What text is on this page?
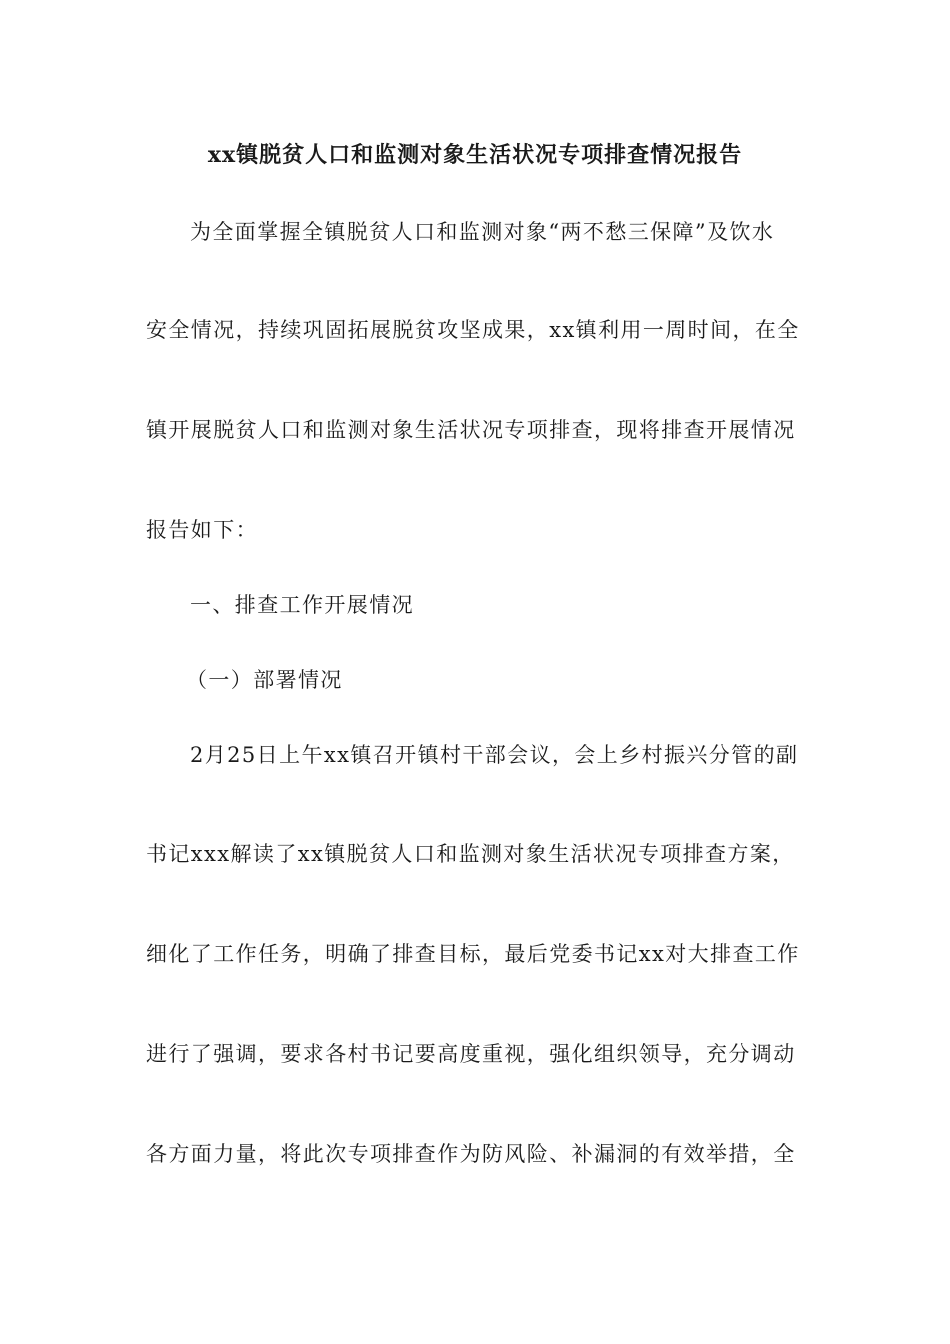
xx镇脱贫人口和监测对象生活状况专项排查情况报告
为全面掌握全镇脱贫人口和监测对象“两不愁三保障”及饮水
安全情况，持续巩固拓展脱贫攻坚成果，xx镇利用一周时间，在全
镇开展脱贫人口和监测对象生活状况专项排查，现将排查开展情况
报告如下：
一、排查工作开展情况
（一）部署情况
2月25日上午xx镇召开镇村干部会议，会上乡村振兴分管的副
书记xxx解读了xx镇脱贫人口和监测对象生活状况专项排查方案，
细化了工作任务，明确了排查目标，最后党委书记xx对大排查工作
进行了强调，要求各村书记要高度重视，强化组织领导，充分调动
各方面力量，将此次专项排查作为防风险、补漏洞的有效举措，全
